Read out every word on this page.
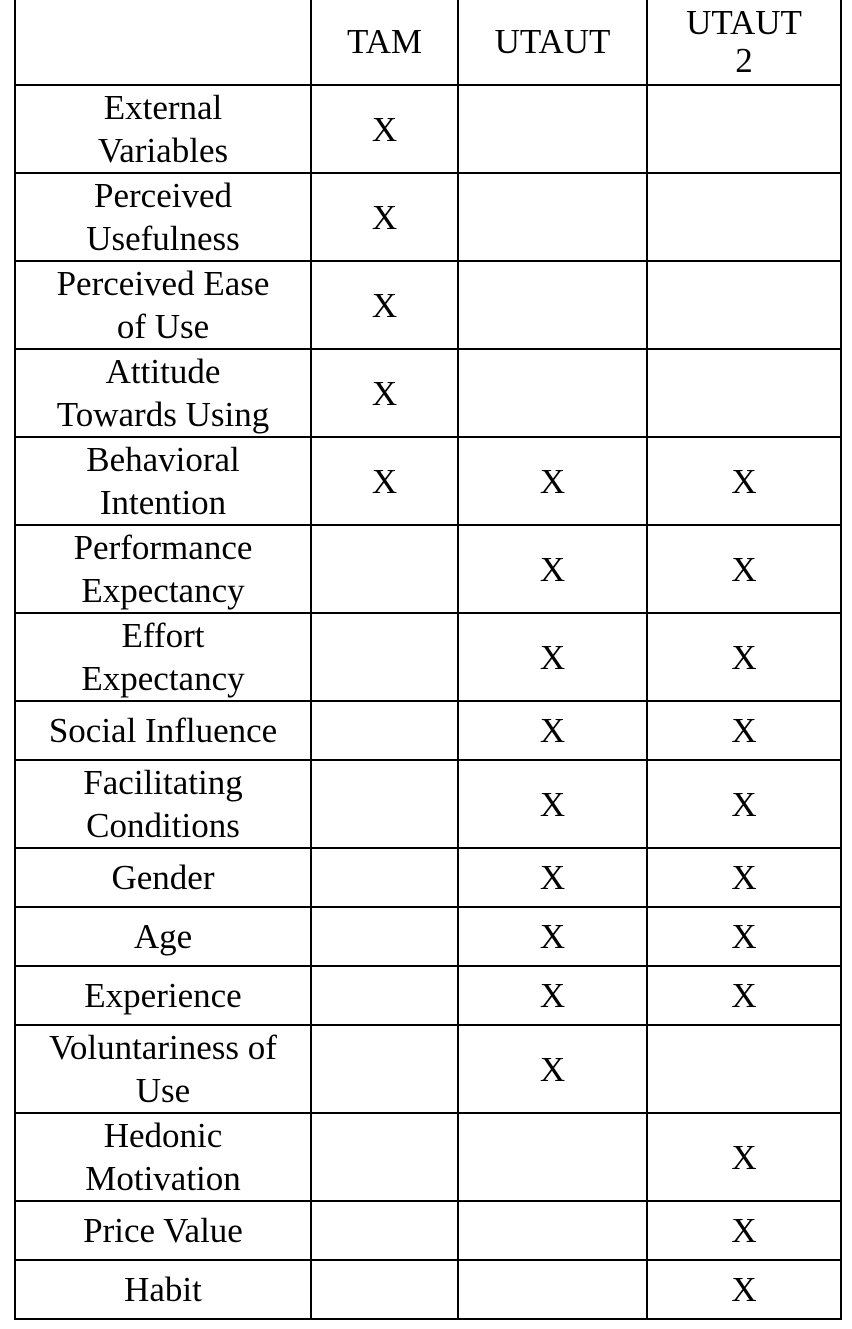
	TAM	UTAUT	UTAUT
2
External
Variables	X		
Perceived
Usefulness	X		
Perceived Ease
of Use	X		
Attitude
Towards Using	X		
Behavioral
Intention	X	X	X
Performance
Expectancy		X	X
Effort
Expectancy		X	X
Social Influence		X	X
Facilitating
Conditions		X	X
Gender		X	X
Age		X	X
Experience		X	X
Voluntariness of
Use		X	
Hedonic
Motivation			X
Price Value			X
Habit			X
